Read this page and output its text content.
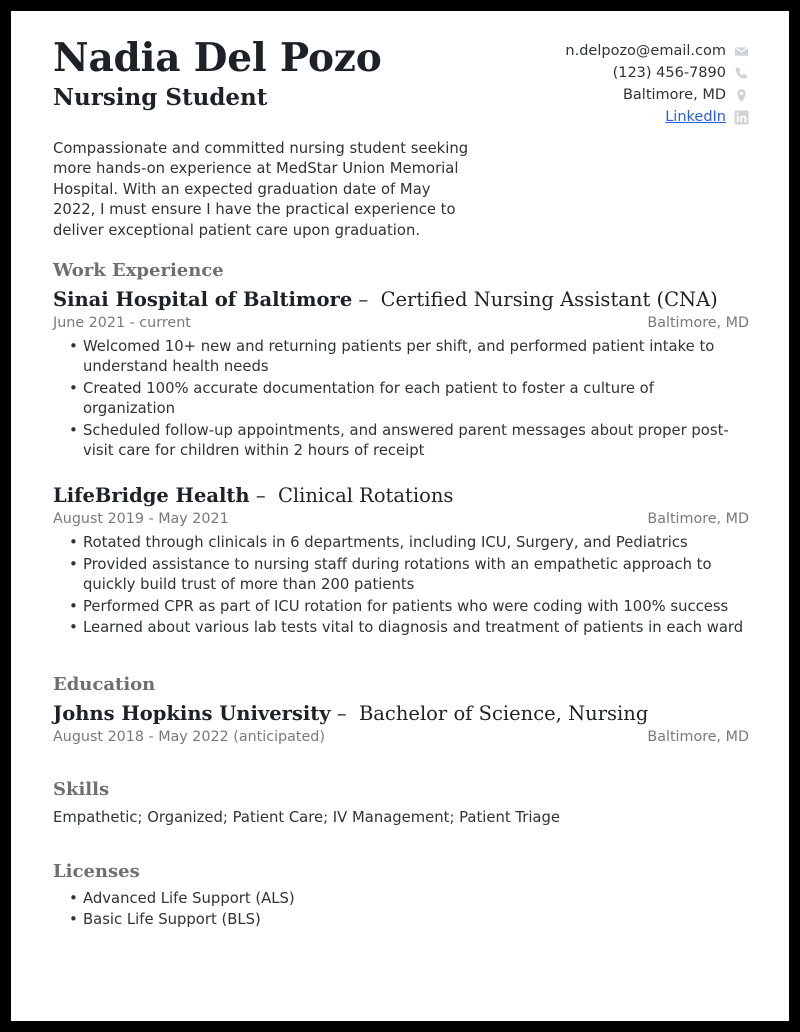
Nadia Del Pozo
Nursing Student
n.delpozo@email.com
(123) 456-7890
Baltimore, MD
LinkedIn

Compassionate and committed nursing student seeking more hands-on experience at MedStar Union Memorial Hospital. With an expected graduation date of May 2022, I must ensure I have the practical experience to deliver exceptional patient care upon graduation.

Work Experience
Sinai Hospital of Baltimore – Certified Nursing Assistant (CNA)
June 2021 - current	Baltimore, MD
• Welcomed 10+ new and returning patients per shift, and performed patient intake to understand health needs
• Created 100% accurate documentation for each patient to foster a culture of organization
• Scheduled follow-up appointments, and answered parent messages about proper post-visit care for children within 2 hours of receipt
LifeBridge Health – Clinical Rotations
August 2019 - May 2021	Baltimore, MD
• Rotated through clinicals in 6 departments, including ICU, Surgery, and Pediatrics
• Provided assistance to nursing staff during rotations with an empathetic approach to quickly build trust of more than 200 patients
• Performed CPR as part of ICU rotation for patients who were coding with 100% success
• Learned about various lab tests vital to diagnosis and treatment of patients in each ward
Education
Johns Hopkins University – Bachelor of Science, Nursing
August 2018 - May 2022 (anticipated)	Baltimore, MD
Skills
Empathetic; Organized; Patient Care; IV Management; Patient Triage
Licenses
• Advanced Life Support (ALS)
• Basic Life Support (BLS)
